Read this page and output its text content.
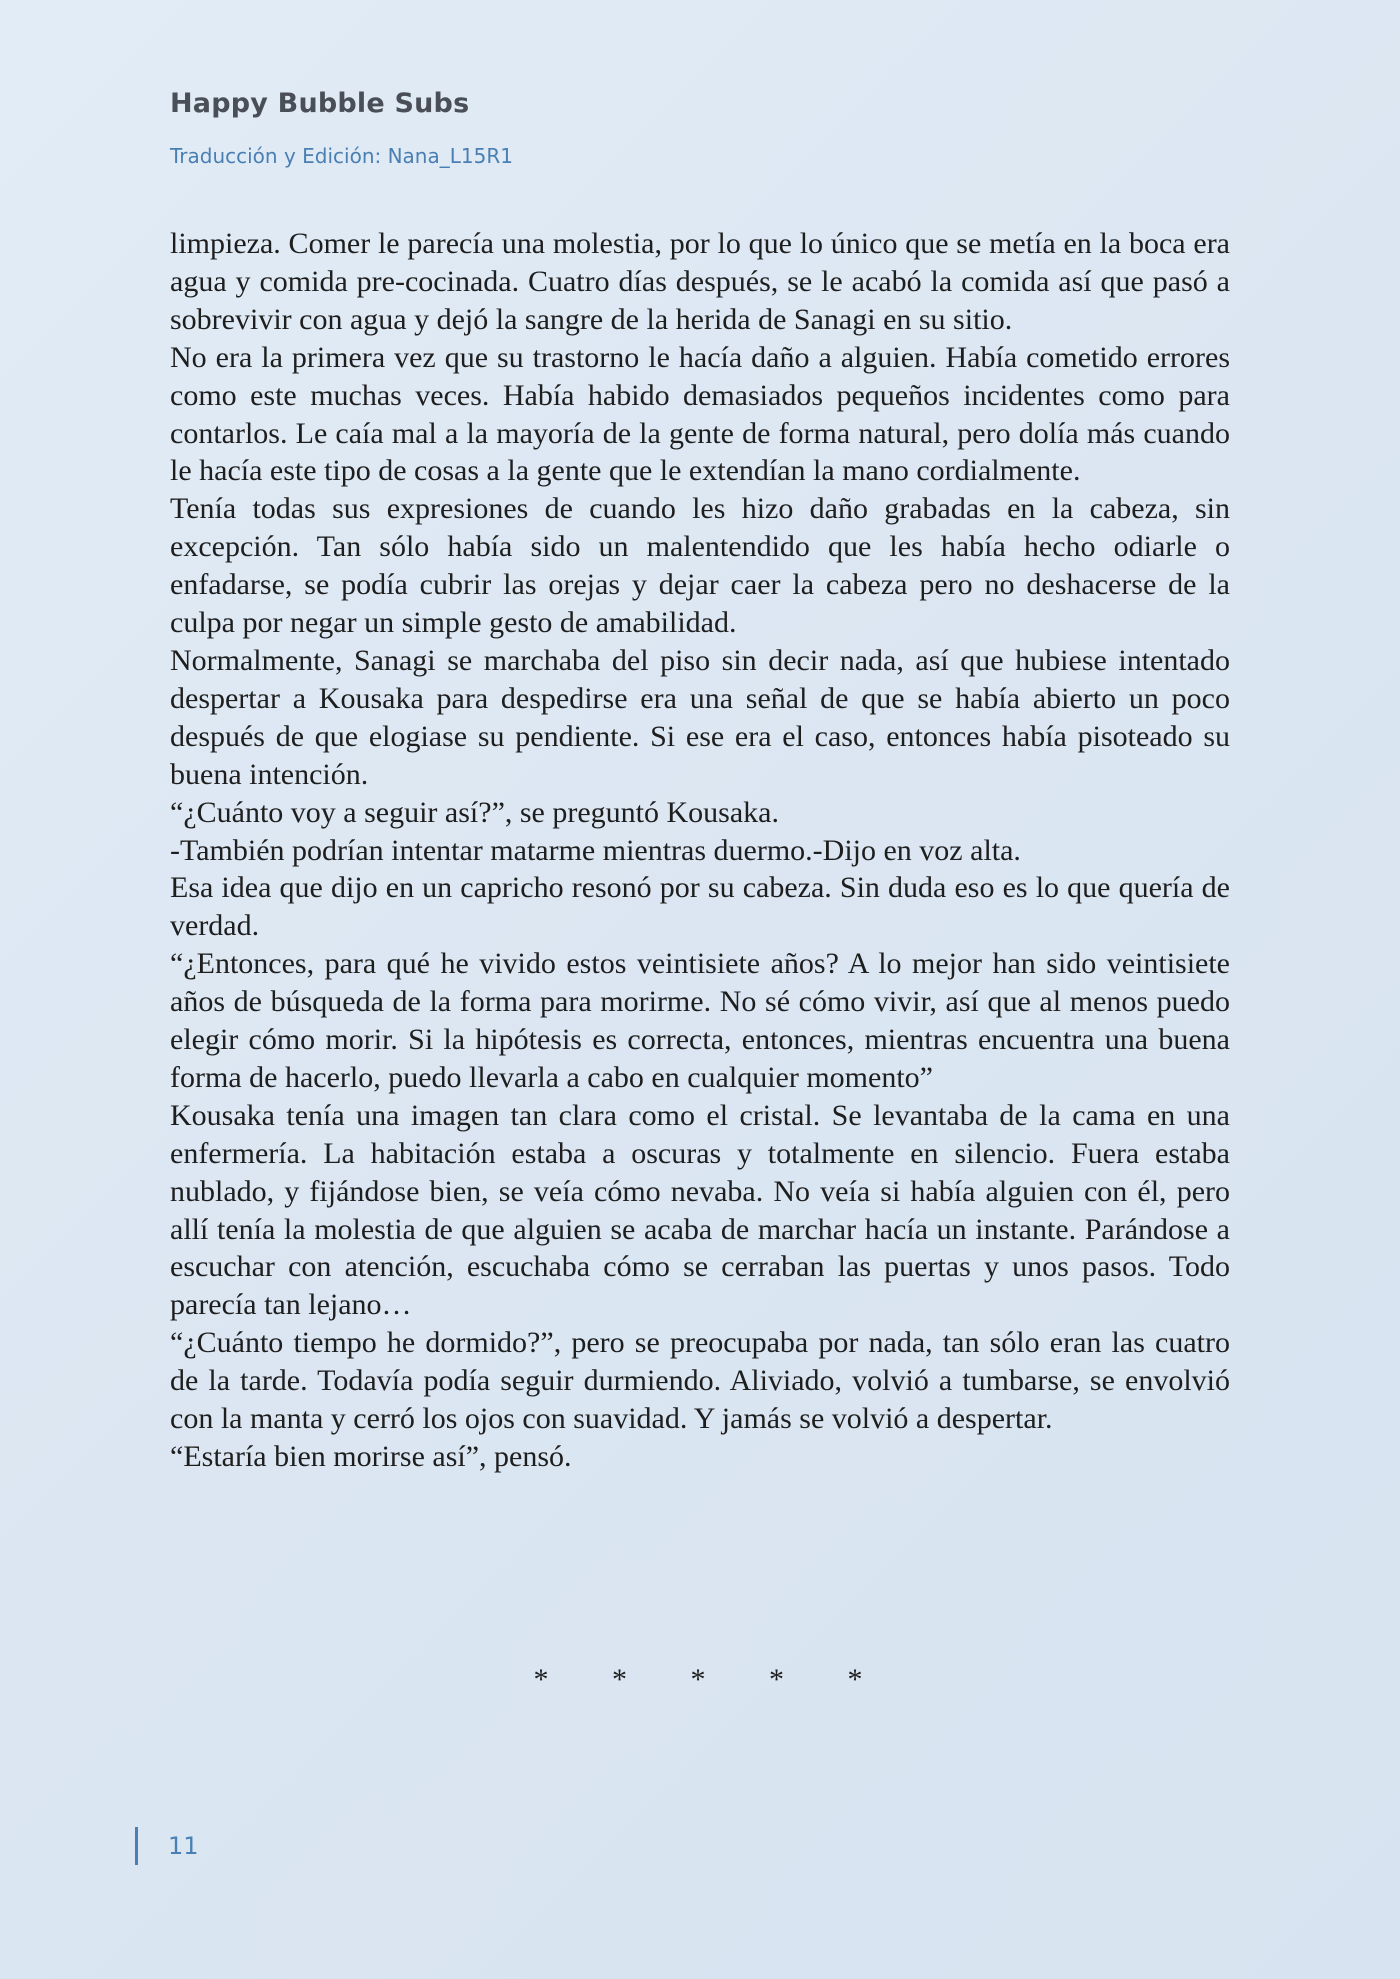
Happy Bubble Subs
Traducción y Edición: Nana_L15R1

limpieza. Comer le parecía una molestia, por lo que lo único que se metía en la boca era agua y comida pre-cocinada. Cuatro días después, se le acabó la comida así que pasó a sobrevivir con agua y dejó la sangre de la herida de Sanagi en su sitio.

No era la primera vez que su trastorno le hacía daño a alguien. Había cometido errores como este muchas veces. Había habido demasiados pequeños incidentes como para contarlos. Le caía mal a la mayoría de la gente de forma natural, pero dolía más cuando le hacía este tipo de cosas a la gente que le extendían la mano cordialmente.

Tenía todas sus expresiones de cuando les hizo daño grabadas en la cabeza, sin excepción. Tan sólo había sido un malentendido que les había hecho odiarle o enfadarse, se podía cubrir las orejas y dejar caer la cabeza pero no deshacerse de la culpa por negar un simple gesto de amabilidad.

Normalmente, Sanagi se marchaba del piso sin decir nada, así que hubiese intentado despertar a Kousaka para despedirse era una señal de que se había abierto un poco después de que elogiase su pendiente. Si ese era el caso, entonces había pisoteado su buena intención.

“¿Cuánto voy a seguir así?”, se preguntó Kousaka.

-También podrían intentar matarme mientras duermo.-Dijo en voz alta.

Esa idea que dijo en un capricho resonó por su cabeza. Sin duda eso es lo que quería de verdad.

“¿Entonces, para qué he vivido estos veintisiete años? A lo mejor han sido veintisiete años de búsqueda de la forma para morirme. No sé cómo vivir, así que al menos puedo elegir cómo morir. Si la hipótesis es correcta, entonces, mientras encuentra una buena forma de hacerlo, puedo llevarla a cabo en cualquier momento”

Kousaka tenía una imagen tan clara como el cristal. Se levantaba de la cama en una enfermería. La habitación estaba a oscuras y totalmente en silencio. Fuera estaba nublado, y fijándose bien, se veía cómo nevaba. No veía si había alguien con él, pero allí tenía la molestia de que alguien se acaba de marchar hacía un instante. Parándose a escuchar con atención, escuchaba cómo se cerraban las puertas y unos pasos. Todo parecía tan lejano…

“¿Cuánto tiempo he dormido?”, pero se preocupaba por nada, tan sólo eran las cuatro de la tarde. Todavía podía seguir durmiendo. Aliviado, volvió a tumbarse, se envolvió con la manta y cerró los ojos con suavidad. Y jamás se volvió a despertar.

“Estaría bien morirse así”, pensó.

* * * * *
11
